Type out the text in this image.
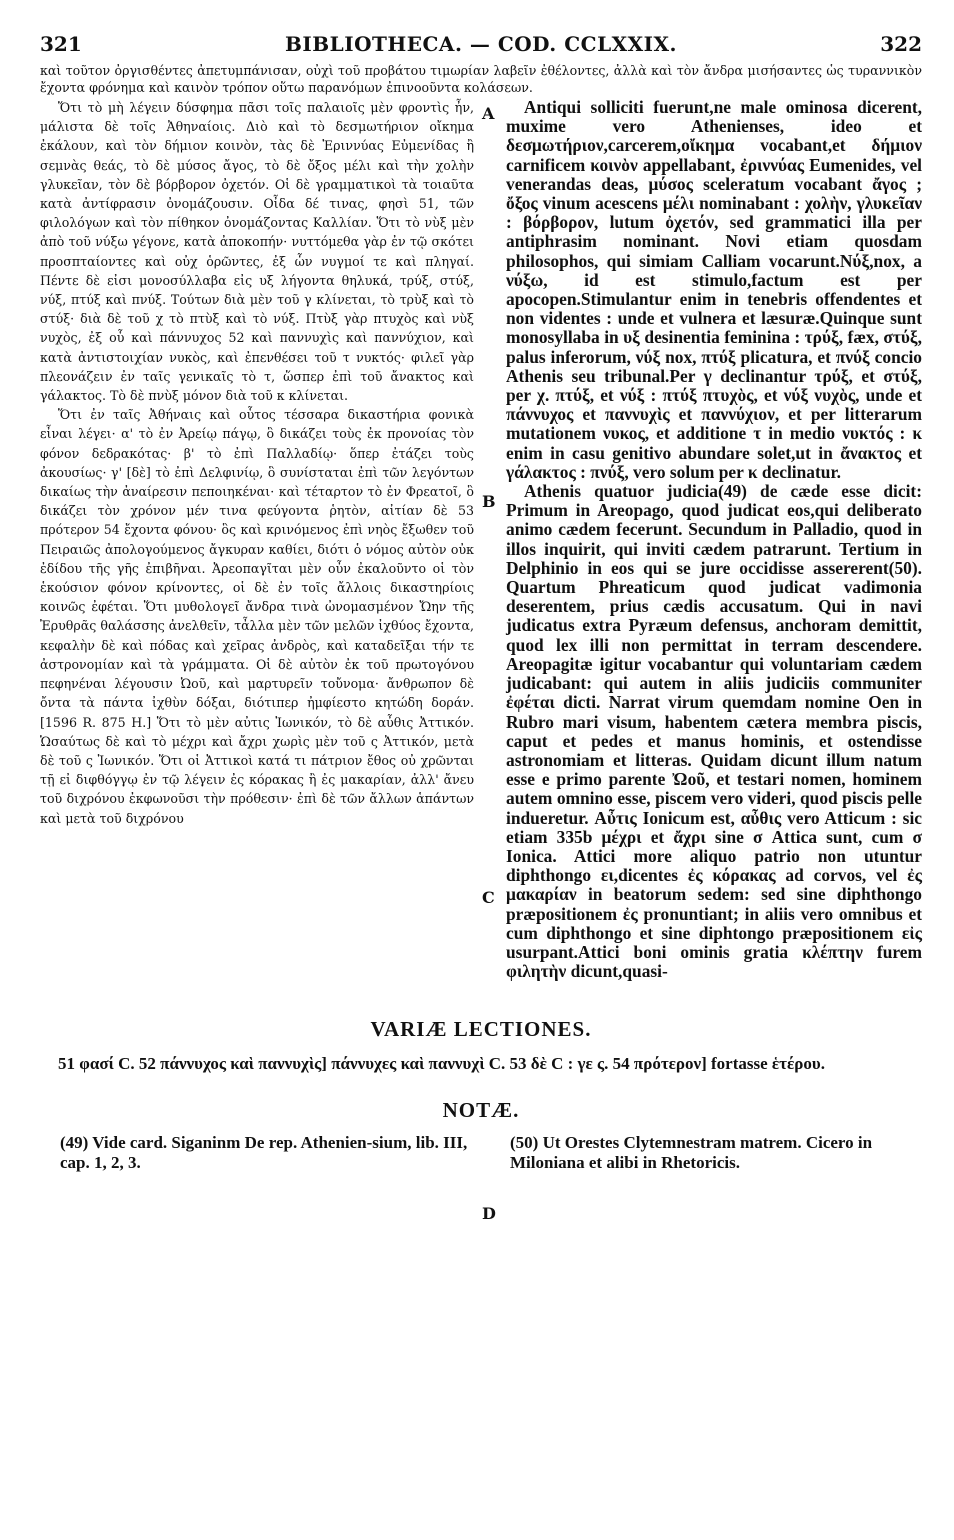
321	BIBLIOTHECA. — COD. CCLXXIX.	322

καὶ τοῦτον ὀργισθέντες ἀπετυμπάνισαν, οὐχὶ τοῦ προβάτου τιμωρίαν λαβεῖν ἐθέλοντες, ἀλλὰ καὶ τὸν ἄνδρα μισήσαντες ὡς τυραννικὸν ἔχοντα φρόνημα καὶ καινὸν τρόπον οὕτω παρανόμων ἐπινοοῦντα κολάσεων.

Ὅτι τὸ μὴ λέγειν δύσφημα πᾶσι τοῖς παλαιοῖς μὲν φροντὶς ἦν, μάλιστα δὲ τοῖς Ἀθηναίοις. Διὸ καὶ τὸ δεσμωτήριον οἴκημα ἐκάλουν, καὶ τὸν δήμιον κοινὸν, τὰς δὲ Ἐριννύας Εὐμενίδας ἢ σεμνὰς θεάς, τὸ δὲ μύσος ἄγος, τὸ δὲ ὄξος μέλι καὶ τὴν χολὴν γλυκεῖαν, τὸν δὲ βόρβορον ὀχετόν. Οἱ δὲ γραμματικοὶ τὰ τοιαῦτα κατὰ ἀντίφρασιν ὀνομάζουσιν. Οἶδα δέ τινας, φησὶ 51, τῶν φιλολόγων καὶ τὸν πίθηκον ὀνομάζοντας Καλλίαν. Ὅτι τὸ νὺξ μὲν ἀπὸ τοῦ νύξω γέγονε, κατὰ ἀποκοπήν· νυττόμεθα γὰρ ἐν τῷ σκότει προσπταίοντες καὶ οὐχ ὁρῶντες, ἐξ ὧν νυγμοί τε καὶ πληγαί. Πέντε δὲ εἰσι μονοσύλλαβα εἰς υξ λήγοντα θηλυκά, τρύξ, στύξ, νύξ, πτύξ καὶ πνύξ. Τούτων διὰ μὲν τοῦ γ κλίνεται, τὸ τρὺξ καὶ τὸ στύξ· διὰ δὲ τοῦ χ τὸ πτὺξ καὶ τὸ νύξ. Πτὺξ γὰρ πτυχὸς καὶ νὺξ νυχὸς, ἐξ οὗ καὶ πάννυχος 52 καὶ παννυχὶς καὶ παννύχιον, καὶ κατὰ ἀντιστοιχίαν νυκὸς, καὶ ἐπενθέσει τοῦ τ νυκτός· φιλεῖ γὰρ πλεονάζειν ἐν ταῖς γενικαῖς τὸ τ, ὥσπερ ἐπὶ τοῦ ἄνακτος καὶ γάλακτος. Τὸ δὲ πνὺξ μόνον διὰ τοῦ κ κλίνεται.

Ὅτι ἐν ταῖς Ἀθήναις καὶ οὗτος τέσσαρα δικαστήρια φονικὰ εἶναι λέγει· α' τὸ ἐν Ἀρείῳ πάγῳ, ὃ δικάζει τοὺς ἐκ προνοίας τὸν φόνον δεδρακότας· β' τὸ ἐπὶ Παλλαδίῳ· ὅπερ ἐτάζει τοὺς ἀκουσίως· γ' [δὲ] τὸ ἐπὶ Δελφινίῳ, ὃ συνίσταται ἐπὶ τῶν λεγόντων δικαίως τὴν ἀναίρεσιν πεποιηκέναι· καὶ τέταρτον τὸ ἐν Φρεατοῖ, ὃ δικάζει τὸν χρόνον μέν τινα φεύγοντα ῥητὸν, αἰτίαν δὲ 53 πρότερον 54 ἔχοντα φόνου· ὃς καὶ κρινόμενος ἐπὶ νηὸς ἔξωθεν τοῦ Πειραιῶς ἀπολογούμενος ἄγκυραν καθίει, διότι ὁ νόμος αὐτὸν οὐκ ἐδίδου τῆς γῆς ἐπιβῆναι. Ἀρεοπαγῖται μὲν οὖν ἐκαλοῦντο οἱ τὸν ἑκούσιον φόνον κρίνοντες, οἱ δὲ ἐν τοῖς ἄλλοις δικαστηρίοις κοινῶς ἐφέται. Ὅτι μυθολογεῖ ἄνδρα τινὰ ὠνομασμένον Ὤην τῆς Ἐρυθρᾶς θαλάσσης ἀνελθεῖν, τἆλλα μὲν τῶν μελῶν ἰχθύος ἔχοντα, κεφαλὴν δὲ καὶ πόδας καὶ χεῖρας ἀνδρὸς, καὶ καταδεῖξαι τήν τε ἀστρονομίαν καὶ τὰ γράμματα. Οἱ δὲ αὐτὸν ἐκ τοῦ πρωτογόνου πεφηνέναι λέγουσιν Ὠοῦ, καὶ μαρτυρεῖν τοὔνομα· ἄνθρωπον δὲ ὄντα τὰ πάντα ἰχθὺν δόξαι, διότιπερ ἠμφίεστο κητώδη δοράν. [1596 R. 875 H.] Ὅτι τὸ μὲν αὐτις Ἰωνικόν, τὸ δὲ αὖθις Ἀττικόν. Ὡσαύτως δὲ καὶ τὸ μέχρι καὶ ἄχρι χωρὶς μὲν τοῦ ς Ἀττικόν, μετὰ δὲ τοῦ ς Ἰωνικόν. Ὅτι οἱ Ἀττικοὶ κατά τι πάτριον ἔθος οὐ χρῶνται τῇ εἰ διφθόγγῳ ἐν τῷ λέγειν ἐς κόρακας ἢ ἐς μακαρίαν, ἀλλ' ἄνευ τοῦ διχρόνου ἐκφωνοῦσι τὴν πρόθεσιν· ἐπὶ δὲ τῶν ἄλλων ἁπάντων καὶ μετὰ τοῦ διχρόνου

A
B
C
D

Antiqui solliciti fuerunt,ne male ominosa dicerent, muxime vero Athenienses, ideo et δεσμωτήριον,carcerem,οἴκημα vocabant,et δήμιον carnificem κοινὸν appellabant, ἐριννύας Eumenides, vel venerandas deas, μύσος sceleratum vocabant ἄγος ; ὄξος vinum acescens μέλι nominabant : χολὴν, γλυκεῖαν : βόρβορον, lutum ὀχετόν, sed grammatici illa per antiphrasim nominant. Novi etiam quosdam philosophos, qui simiam Calliam vocarunt.Νύξ,nox, a νύξω, id est stimulo,factum est per apocopen.Stimulantur enim in tenebris offendentes et non videntes : unde et vulnera et læsuræ.Quinque sunt monosyllaba in υξ desinentia feminina : τρύξ, fæx, στύξ, palus inferorum, νύξ nox, πτύξ plicatura, et πνύξ concio Athenis seu tribunal.Per γ declinantur τρύξ, et στύξ, per χ. πτύξ, et νύξ : πτύξ πτυχὸς, et νύξ νυχὸς, unde et πάννυχος et παννυχὶς et παννύχιον, et per litterarum mutationem νυκος, et additione τ in medio νυκτός : κ enim in casu genitivo abundare solet,ut in ἄνακτος et γάλακτος : πνύξ, vero solum per κ declinatur.

Athenis quatuor judicia(49) de cæde esse dicit: Primum in Areopago, quod judicat eos,qui deliberato animo cædem fecerunt. Secundum in Palladio, quod in illos inquirit, qui inviti cædem patrarunt. Tertium in Delphinio in eos qui se jure occidisse assererent(50). Quartum Phreaticum quod judicat vadimonia deserentem, prius cædis accusatum. Qui in navi judicatus extra Pyræum defensus, anchoram demittit, quod lex illi non permittat in terram descendere. Areopagitæ igitur vocabantur qui voluntariam cædem judicabant: qui autem in aliis judiciis communiter ἐφέται dicti. Narrat virum quemdam nomine Oen in Rubro mari visum, habentem cætera membra piscis, caput et pedes et manus hominis, et ostendisse astronomiam et litteras. Quidam dicunt illum natum esse e primo parente Ὠοῦ, et testari nomen, hominem autem omnino esse, piscem vero videri, quod piscis pelle indueretur. Αὖτις Ionicum est, αὖθις vero Atticum : sic etiam 335b μέχρι et ἄχρι sine σ Attica sunt, cum σ Ionica. Attici more aliquo patrio non utuntur diphthongo ει,dicentes ἐς κόρακας ad corvos, vel ἐς μακαρίαν in beatorum sedem: sed sine diphthongo præpositionem ἐς pronuntiant; in aliis vero omnibus et cum diphthongo et sine diphtongo præpositionem εἰς usurpant.Attici boni ominis gratia κλέπτην furem φιλητὴν dicunt,quasi-

VARIÆ LECTIONES.

51 φασί C. 52 πάννυχος καὶ παννυχὶς] πάννυχες καὶ παννυχὶ C. 53 δὲ C : γε ς. 54 πρότερον] fortasse ἑτέρου.

NOTÆ.
(49) Vide card. Siganinm De rep. Athenien-sium, lib. III, cap. 1, 2, 3.
(50) Ut Orestes Clytemnestram matrem. Cicero in Miloniana et alibi in Rhetoricis.
